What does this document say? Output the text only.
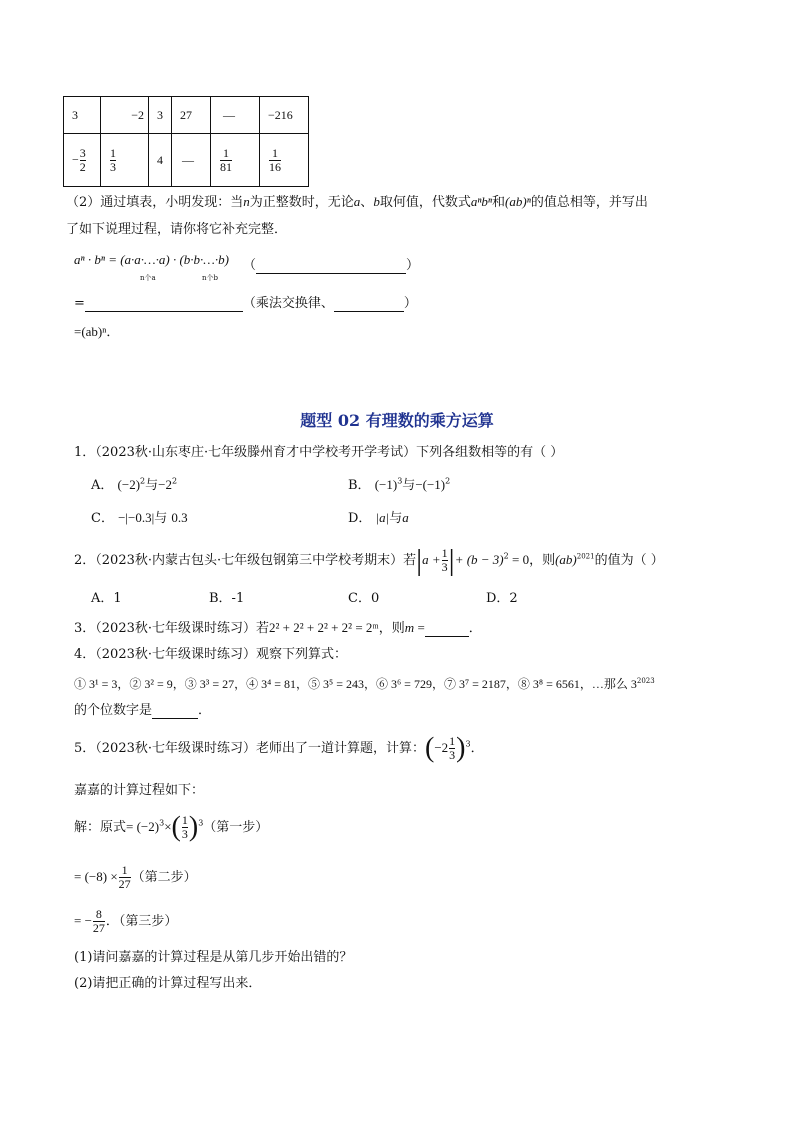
3	−2	3	27	—	−216
− $\frac{3}{2}$	$\frac{1}{3}$	4	—	$\frac{1}{81}$	$\frac{1}{16}$
（2）通过填表，小明发现：当n为正整数时，无论a、b取何值，代数式aⁿbⁿ和(ab)ⁿ的值总相等，并写出
了如下说理过程，请你将它补充完整．
aⁿ · bⁿ = (a·a·…·a) · (b·b·…·b)
n个a	n个b
（	）
=	（乘法交换律、	）
=(ab)ⁿ．
题型 02 有理数的乘方运算
1．（2023秋·山东枣庄·七年级滕州育才中学校考开学考试）下列各组数相等的有（ ）
A． $(-2)^2$与$-2^2$	B． $(-1)^3$与$-(-1)^2$
C． −|−0.3|与 0.3	D． |a|与a
2．（2023秋·内蒙古包头·七年级包钢第三中学校考期末）若$|a + \frac{1}{3}$ |+ $(b - 3)^2 = 0$，则(ab)$^{2021}$的值为（ ）
A．1	B．-1	C．0	D．2
3．（2023秋·七年级课时练习）若2² + 2² + 2² + 2² = 2ᵐ，则m =	．
4．（2023秋·七年级课时练习）观察下列算式：
① 3¹ = 3，② 3² = 9，③ 3³ = 27，④ 3⁴ = 81，⑤ 3⁵ = 243，⑥ 3⁶ = 729，⑦ 3⁷ = 2187，⑧ 3⁸ = 6561，…那么 $3^{2023}$
的个位数字是	．
5．（2023秋·七年级课时练习）老师出了一道计算题，计算：$(-2 \frac{1}{3} )^3$．
嘉嘉的计算过程如下：
解：原式= $(-2)^3\times( \frac{1}{3} )^3$（第一步）
= $(-8) \times \frac{1}{27}$ （第二步）
= − $\frac{8}{27}$ ．（第三步）
(1)请问嘉嘉的计算过程是从第几步开始出错的？
(2)请把正确的计算过程写出来．
